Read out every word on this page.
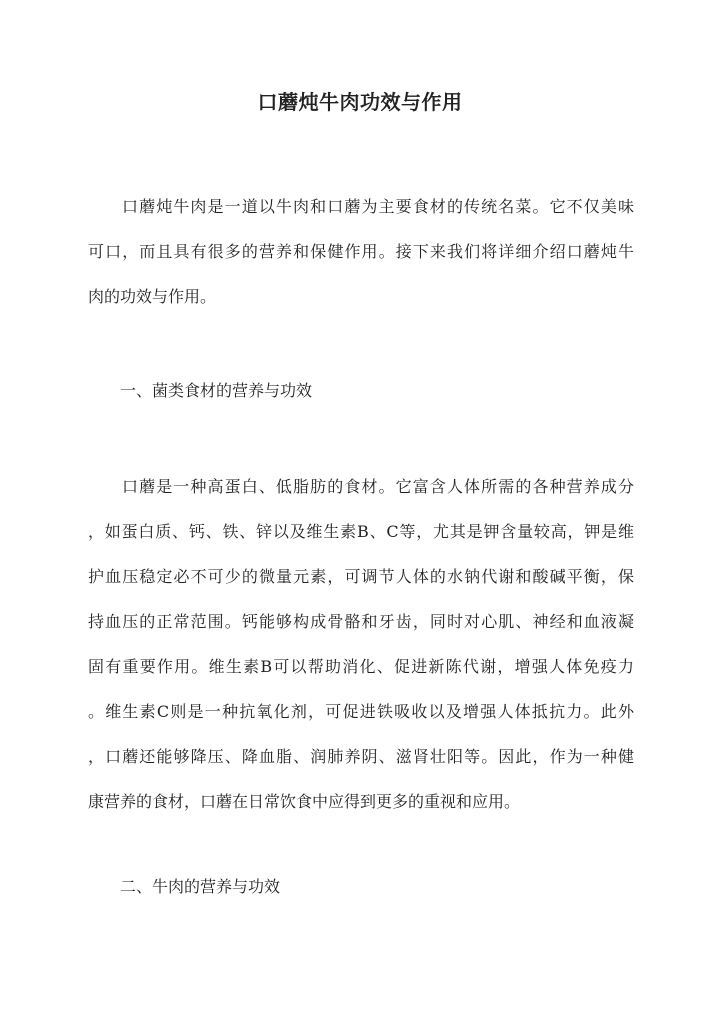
口蘑炖牛肉功效与作用

口蘑炖牛肉是一道以牛肉和口蘑为主要食材的传统名菜。它不仅美味
可口，而且具有很多的营养和保健作用。接下来我们将详细介绍口蘑炖牛
肉的功效与作用。

一、菌类食材的营养与功效

口蘑是一种高蛋白、低脂肪的食材。它富含人体所需的各种营养成分
，如蛋白质、钙、铁、锌以及维生素B、C等，尤其是钾含量较高，钾是维
护血压稳定必不可少的微量元素，可调节人体的水钠代谢和酸碱平衡，保
持血压的正常范围。钙能够构成骨骼和牙齿，同时对心肌、神经和血液凝
固有重要作用。维生素B可以帮助消化、促进新陈代谢，增强人体免疫力
。维生素C则是一种抗氧化剂，可促进铁吸收以及增强人体抵抗力。此外
，口蘑还能够降压、降血脂、润肺养阴、滋肾壮阳等。因此，作为一种健
康营养的食材，口蘑在日常饮食中应得到更多的重视和应用。

二、牛肉的营养与功效
